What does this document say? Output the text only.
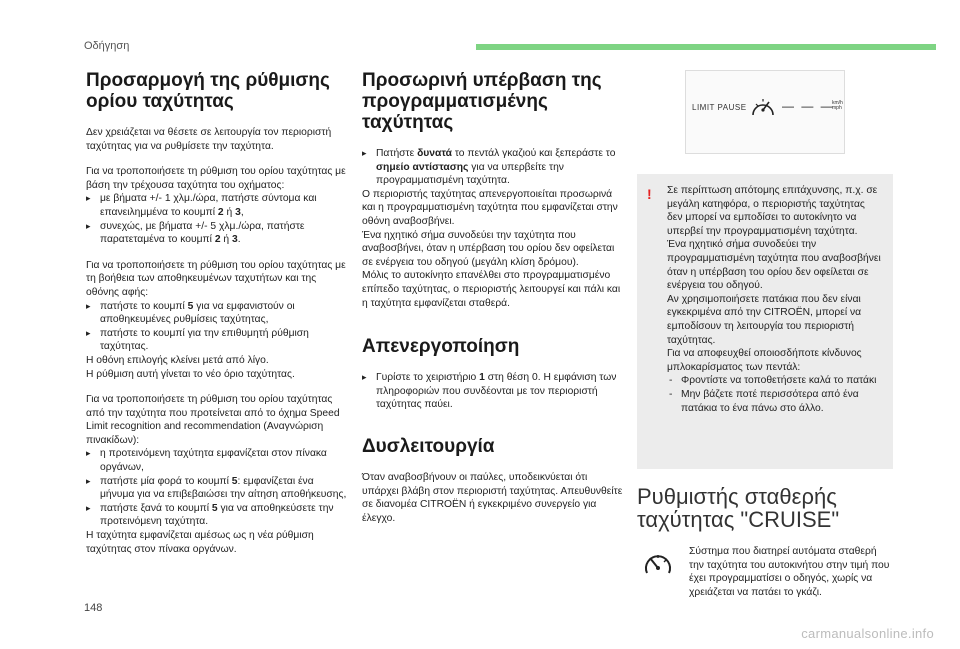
Οδήγηση
Προσαρμογή της ρύθμισης
ορίου ταχύτητας

Δεν χρειάζεται να θέσετε σε λειτουργία τον περιοριστή ταχύτητας για να ρυθμίσετε την ταχύτητα.

Για να τροποποιήσετε τη ρύθμιση του ορίου ταχύτητας με βάση την τρέχουσα ταχύτητα του οχήματος:

▸ με βήματα +/- 1 χλμ./ώρα, πατήστε σύντομα και επανειλημμένα το κουμπί 2 ή 3,

▸ συνεχώς, με βήματα +/- 5 χλμ./ώρα, πατήστε παρατεταμένα το κουμπί 2 ή 3.

Για να τροποποιήσετε τη ρύθμιση του ορίου ταχύτητας με τη βοήθεια των αποθηκευμένων ταχυτήτων και της οθόνης αφής:

▸ πατήστε το κουμπί 5 για να εμφανιστούν οι αποθηκευμένες ρυθμίσεις ταχύτητας,

▸ πατήστε το κουμπί για την επιθυμητή ρύθμιση ταχύτητας.

Η οθόνη επιλογής κλείνει μετά από λίγο.

Η ρύθμιση αυτή γίνεται το νέο όριο ταχύτητας.

Για να τροποποιήσετε τη ρύθμιση του ορίου ταχύτητας από την ταχύτητα που προτείνεται από το όχημα Speed Limit recognition and recommendation (Αναγνώριση πινακίδων):

▸ η προτεινόμενη ταχύτητα εμφανίζεται στον πίνακα οργάνων,

▸ πατήστε μία φορά το κουμπί 5: εμφανίζεται ένα μήνυμα για να επιβεβαιώσει την αίτηση αποθήκευσης,

▸ πατήστε ξανά το κουμπί 5 για να αποθηκεύσετε την προτεινόμενη ταχύτητα.

Η ταχύτητα εμφανίζεται αμέσως ως η νέα ρύθμιση ταχύτητας στον πίνακα οργάνων.

Προσωρινή υπέρβαση της
προγραμματισμένης ταχύτητας

▸ Πατήστε δυνατά το πεντάλ γκαζιού και ξεπεράστε το σημείο αντίστασης για να υπερβείτε την προγραμματισμένη ταχύτητα.

Ο περιοριστής ταχύτητας απενεργοποιείται προσωρινά και η προγραμματισμένη ταχύτητα που εμφανίζεται στην οθόνη αναβοσβήνει.

Ένα ηχητικό σήμα συνοδεύει την ταχύτητα που αναβοσβήνει, όταν η υπέρβαση του ορίου δεν οφείλεται σε ενέργεια του οδηγού (μεγάλη κλίση δρόμου).

Μόλις το αυτοκίνητο επανέλθει στο προγραμματισμένο επίπεδο ταχύτητας, ο περιοριστής λειτουργεί και πάλι και η ταχύτητα εμφανίζεται σταθερά.

Απενεργοποίηση

▸ Γυρίστε το χειριστήριο 1 στη θέση 0. Η εμφάνιση των πληροφοριών που συνδέονται με τον περιοριστή ταχύτητας παύει.

Δυσλειτουργία

Όταν αναβοσβήνουν οι παύλες, υποδεικνύεται ότι υπάρχει βλάβη στον περιοριστή ταχύτητας. Απευθυνθείτε σε διανομέα CITROËN ή εγκεκριμένο συνεργείο για έλεγχο.

LIMIT PAUSE	— — —
km/h
mph
! Σε περίπτωση απότομης επιτάχυνσης, π.χ. σε μεγάλη κατηφόρα, ο περιοριστής ταχύτητας δεν μπορεί να εμποδίσει το αυτοκίνητο να υπερβεί την προγραμματισμένη ταχύτητα.

Ένα ηχητικό σήμα συνοδεύει την προγραμματισμένη ταχύτητα που αναβοσβήνει όταν η υπέρβαση του ορίου δεν οφείλεται σε ενέργεια του οδηγού.

Αν χρησιμοποιήσετε πατάκια που δεν είναι εγκεκριμένα από την CITROËN, μπορεί να εμποδίσουν τη λειτουργία του περιοριστή ταχύτητας.

Για να αποφευχθεί οποιοσδήποτε κίνδυνος μπλοκαρίσματος των πεντάλ:

- Φροντίστε να τοποθετήσετε καλά το πατάκι

- Μην βάζετε ποτέ περισσότερα από ένα πατάκια το ένα πάνω στο άλλο.

Ρυθμιστής σταθερής
ταχύτητας "CRUISE"

Σύστημα που διατηρεί αυτόματα σταθερή την ταχύτητα του αυτοκινήτου στην τιμή που έχει προγραμματίσει ο οδηγός, χωρίς να χρειάζεται να πατάει το γκάζι.

148
carmanualsonline.info
